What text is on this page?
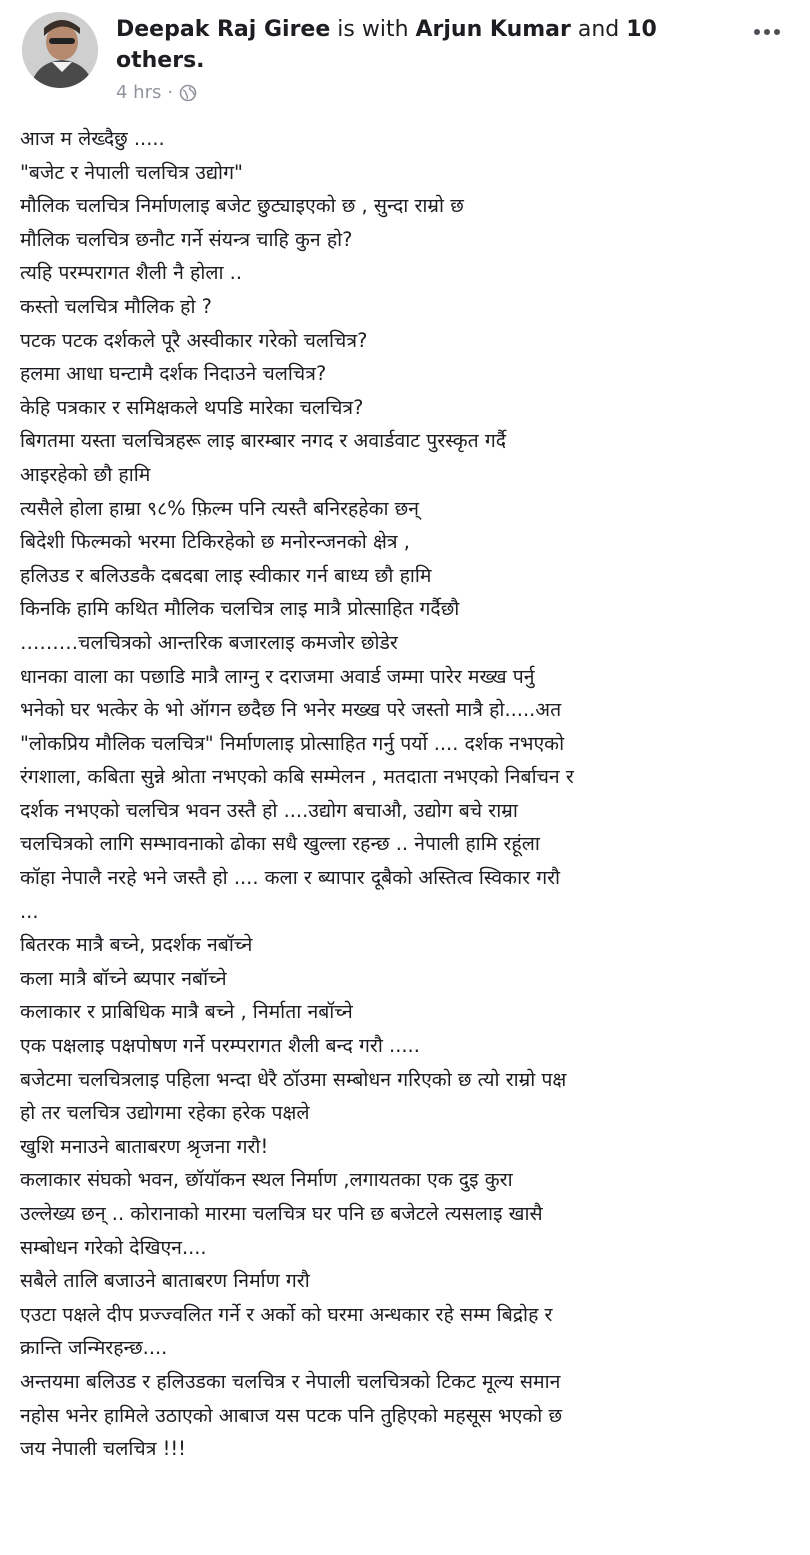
Deepak Raj Giree is with Arjun Kumar and 10 others.
4 hrs ·
आज म लेख्दैछु .....
"बजेट र नेपाली चलचित्र उद्योग"
मौलिक चलचित्र निर्माणलाइ बजेट छुट्याइएको छ , सुन्दा राम्रो छ
मौलिक चलचित्र छनौट गर्ने संयन्त्र चाहि कुन हो?
त्यहि परम्परागत शैली नै होला ..
कस्तो चलचित्र मौलिक हो ?
पटक पटक दर्शकले पूरै अस्वीकार गरेको चलचित्र?
हलमा आधा घन्टामै दर्शक निदाउने चलचित्र?
केहि पत्रकार र समिक्षकले थपडि मारेका चलचित्र?
बिगतमा यस्ता चलचित्रहरू लाइ बारम्बार नगद र अवार्डवाट पुरस्कृत गर्दै
आइरहेको छौ हामि
त्यसैले होला हाम्रा ९८% फ़िल्म पनि त्यस्तै बनिरहहेका छन्
बिदेशी फिल्मको भरमा टिकिरहेको छ मनोरन्जनको क्षेत्र ,
हलिउड र बलिउडकै दबदबा लाइ स्वीकार गर्न बाध्य छौ हामि
किनकि हामि कथित मौलिक चलचित्र लाइ मात्रै प्रोत्साहित गर्दैछौ
………चलचित्रको आन्तरिक बजारलाइ कमजोर छोडेर
धानका वाला का पछाडि मात्रै लाग्नु र दराजमा अवार्ड जम्मा पारेर मख्ख पर्नु
भनेको घर भत्केर के भो ऑगन छदैछ नि भनेर मख्ख परे जस्तो मात्रै हो.....अत
"लोकप्रिय मौलिक चलचित्र" निर्माणलाइ प्रोत्साहित गर्नु पर्यो .... दर्शक नभएको
रंगशाला, कबिता सुन्ने श्रोता नभएको कबि सम्मेलन , मतदाता नभएको निर्बाचन र
दर्शक नभएको चलचित्र भवन उस्तै हो ....उद्योग बचाऔ, उद्योग बचे राम्रा
चलचित्रको लागि सम्भावनाको ढोका सधै खुल्ला रहन्छ .. नेपाली हामि रहूंला
कॉहा नेपालै नरहे भने जस्तै हो .... कला र ब्यापार दूबैको अस्तित्व स्विकार गरौ
...
बितरक मात्रै बच्ने, प्रदर्शक नबॉच्ने
कला मात्रै बॉच्ने ब्यपार नबॉच्ने
कलाकार र प्राबिधिक मात्रै बच्ने , निर्माता नबॉच्ने
एक पक्षलाइ पक्षपोषण गर्ने परम्परागत शैली बन्द गरौ .....
बजेटमा चलचित्रलाइ पहिला भन्दा धेरै ठॉउमा सम्बोधन गरिएको छ त्यो राम्रो पक्ष
हो तर चलचित्र उद्योगमा रहेका हरेक पक्षले
खुशि मनाउने बाताबरण श्रृजना गरौ!
कलाकार संघको भवन, छॉयॉकन स्थल निर्माण ,लगायतका एक दुइ कुरा
उल्लेख्य छन् .. कोरानाको मारमा चलचित्र घर पनि छ बजेटले त्यसलाइ खासै
सम्बोधन गरेको देखिएन....
सबैले तालि बजाउने बाताबरण निर्माण गरौ
एउटा पक्षले दीप प्रज्ज्वलित गर्ने र अर्को को घरमा अन्धकार रहे सम्म बिद्रोह र
क्रान्ति जन्मिरहन्छ....
अन्तयमा बलिउड र हलिउडका चलचित्र र नेपाली चलचित्रको टिकट मूल्य समान
नहोस भनेर हामिले उठाएको आबाज यस पटक पनि तुहिएको महसूस भएको छ
जय नेपाली चलचित्र !!!
